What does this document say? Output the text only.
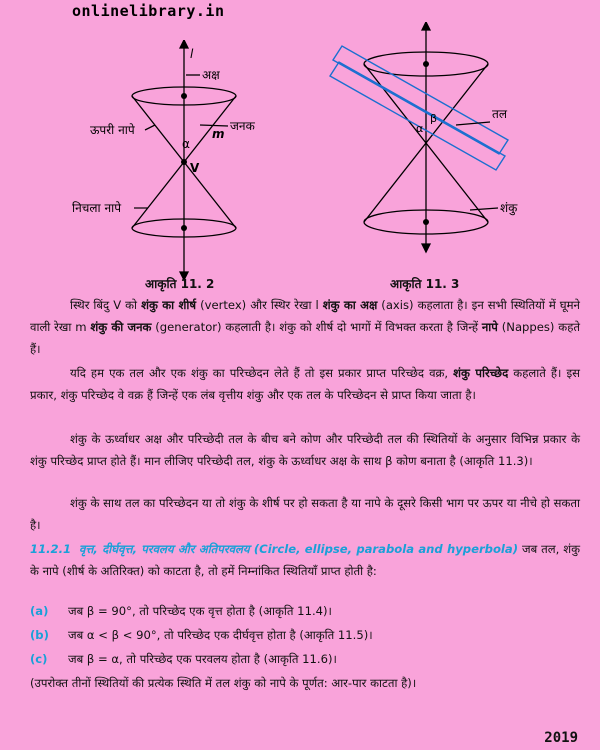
onlinelibrary.in
l
अक्ष
ऊपरी नापे	जनक
m
α
V
निचला नापे
तल
α
β
शंकु
आकृति 11. 2	आकृति 11. 3
स्थिर बिंदु V को शंकु का शीर्ष (vertex) और स्थिर रेखा l शंकु का अक्ष (axis) कहलाता है। इन सभी स्थितियों में घूमने वाली रेखा m शंकु की जनक (generator) कहलाती है। शंकु को शीर्ष दो भागों में विभक्त करता है जिन्हें नापे (Nappes) कहते हैं।
यदि हम एक तल और एक शंकु का परिच्छेदन लेते हैं तो इस प्रकार प्राप्त परिच्छेद वक्र, शंकु परिच्छेद कहलाते हैं। इस प्रकार, शंकु परिच्छेद वे वक्र हैं जिन्हें एक लंब वृत्तीय शंकु और एक तल के परिच्छेदन से प्राप्त किया जाता है।
शंकु के ऊर्ध्वाधर अक्ष और परिच्छेदी तल के बीच बने कोण और परिच्छेदी तल की स्थितियों के अनुसार विभिन्न प्रकार के शंकु परिच्छेद प्राप्त होते हैं। मान लीजिए परिच्छेदी तल, शंकु के ऊर्ध्वाधर अक्ष के साथ β कोण बनाता है (आकृति 11.3)।
शंकु के साथ तल का परिच्छेदन या तो शंकु के शीर्ष पर हो सकता है या नापे के दूसरे किसी भाग पर ऊपर या नीचे हो सकता है।
11.2.1 वृत्त, दीर्घवृत्त, परवलय और अतिपरवलय (Circle, ellipse, parabola and hyperbola) जब तल, शंकु के नापे (शीर्ष के अतिरिक्त) को काटता है, तो हमें निम्नांकित स्थितियाँ प्राप्त होती है:
(a) जब β = 90°, तो परिच्छेद एक वृत्त होता है (आकृति 11.4)।
(b) जब α < β < 90°, तो परिच्छेद एक दीर्घवृत्त होता है (आकृति 11.5)।
(c) जब β = α, तो परिच्छेद एक परवलय होता है (आकृति 11.6)।
(उपरोक्त तीनों स्थितियों की प्रत्येक स्थिति में तल शंकु को नापे के पूर्णत: आर-पार काटता है)।
2019
